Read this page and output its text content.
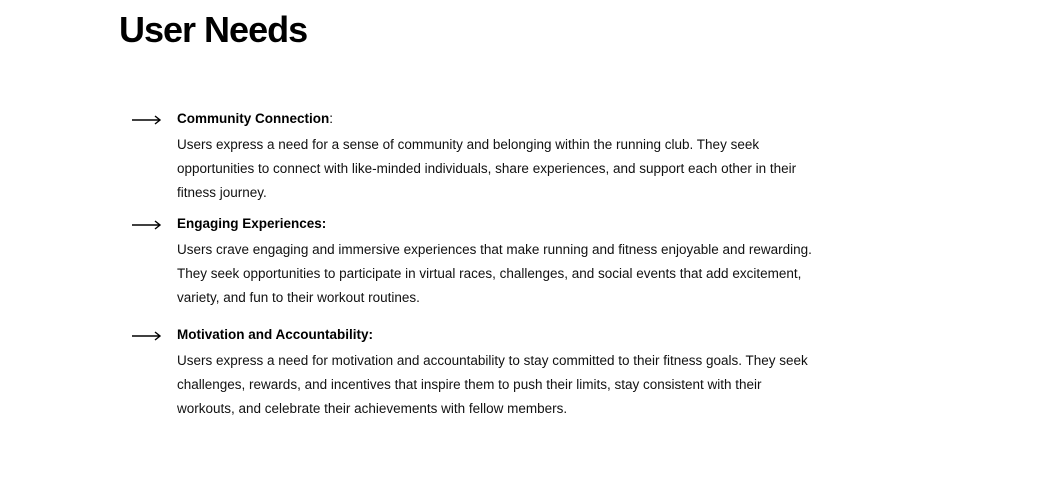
User Needs

Community Connection:

Users express a need for a sense of community and belonging within the running club. They seek
opportunities to connect with like-minded individuals, share experiences, and support each other in their
fitness journey.

Engaging Experiences:

Users crave engaging and immersive experiences that make running and fitness enjoyable and rewarding.
They seek opportunities to participate in virtual races, challenges, and social events that add excitement,
variety, and fun to their workout routines.

Motivation and Accountability:

Users express a need for motivation and accountability to stay committed to their fitness goals. They seek
challenges, rewards, and incentives that inspire them to push their limits, stay consistent with their
workouts, and celebrate their achievements with fellow members.
